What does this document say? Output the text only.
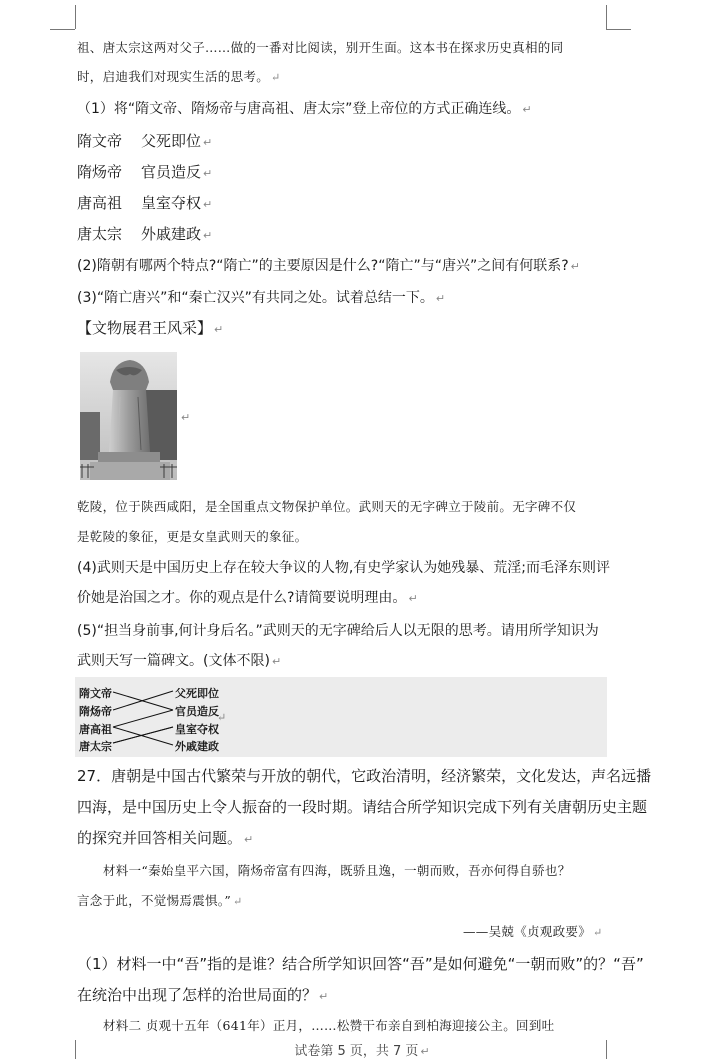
祖、唐太宗这两对父子……做的一番对比阅读，别开生面。这本书在探求历史真相的同
时，启迪我们对现实生活的思考。 ↵
（1）将“隋文帝、隋炀帝与唐高祖、唐太宗”登上帝位的方式正确连线。 ↵
隋文帝 父死即位 ↵
隋炀帝 官员造反 ↵
唐高祖 皇室夺权 ↵
唐太宗 外戚建政 ↵
(2)隋朝有哪两个特点?“隋亡”的主要原因是什么?“隋亡”与“唐兴”之间有何联系? ↵
(3)“隋亡唐兴”和“秦亡汉兴”有共同之处。试着总结一下。 ↵
【文物展君王风采】 ↵
↵
乾陵，位于陕西咸阳，是全国重点文物保护单位。武则天的无字碑立于陵前。无字碑不仅
是乾陵的象征，更是女皇武则天的象征。
(4)武则天是中国历史上存在较大争议的人物,有史学家认为她残暴、荒淫;而毛泽东则评
价她是治国之才。你的观点是什么?请简要说明理由。 ↵
(5)“担当身前事,何计身后名。”武则天的无字碑给后人以无限的思考。请用所学知识为
武则天写一篇碑文。(文体不限) ↵
隋文帝
隋炀帝
唐高祖
唐太宗
父死即位
官员造反
皇室夺权
外戚建政
↵
27．唐朝是中国古代繁荣与开放的朝代，它政治清明，经济繁荣，文化发达，声名远播
四海，是中国历史上令人振奋的一段时期。请结合所学知识完成下列有关唐朝历史主题
的探究并回答相关问题。 ↵
材料一“秦始皇平六国，隋炀帝富有四海，既骄且逸，一朝而败，吾亦何得自骄也？
言念于此，不觉惕焉震惧。” ↵
——吴兢《贞观政要》 ↵
（1）材料一中“吾”指的是谁？结合所学知识回答“吾”是如何避免“一朝而败”的？“吾”
在统治中出现了怎样的治世局面的？ ↵
材料二 贞观十五年（641年）正月，……松赞干布亲自到柏海迎接公主。回到吐
试卷第 5 页，共 7 页 ↵
